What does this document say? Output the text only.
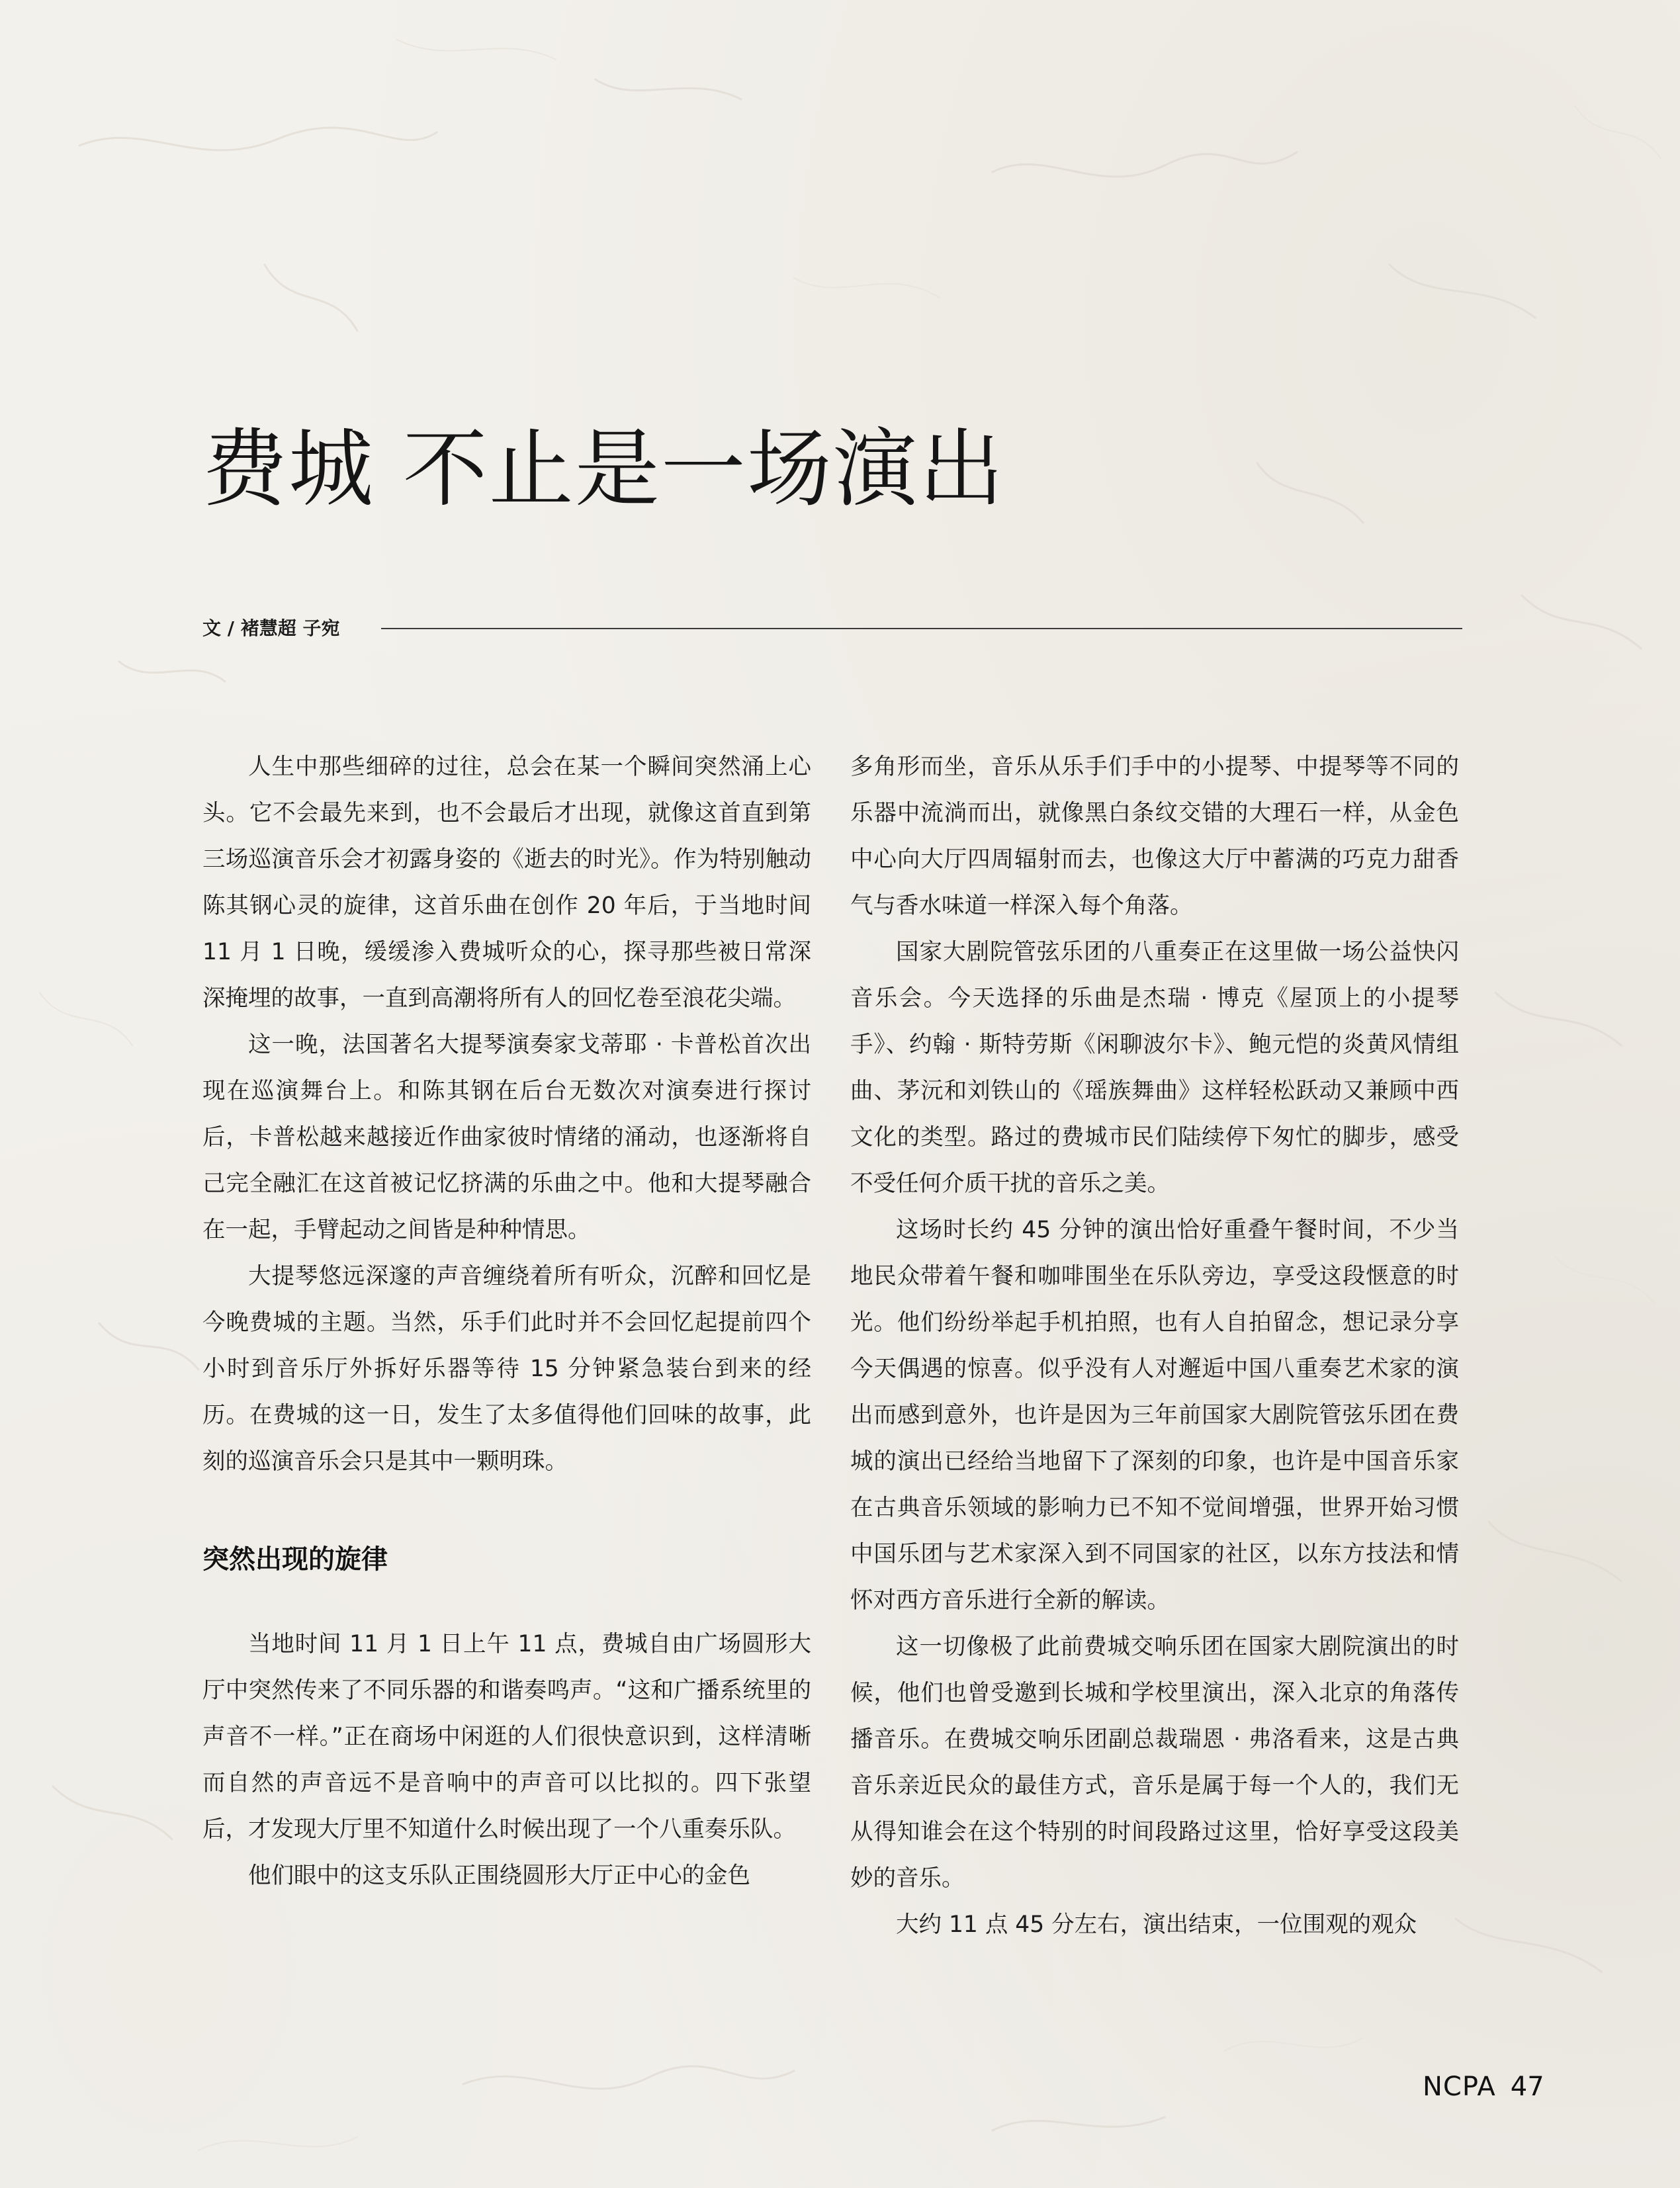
费城 不止是一场演出
文 / 褚慧超 子宛

人生中那些细碎的过往，总会在某一个瞬间突然涌上心头。它不会最先来到，也不会最后才出现，就像这首直到第三场巡演音乐会才初露身姿的《逝去的时光》。作为特别触动陈其钢心灵的旋律，这首乐曲在创作 20 年后，于当地时间 11 月 1 日晚，缓缓渗入费城听众的心，探寻那些被日常深深掩埋的故事，一直到高潮将所有人的回忆卷至浪花尖端。

这一晚，法国著名大提琴演奏家戈蒂耶 · 卡普松首次出现在巡演舞台上。和陈其钢在后台无数次对演奏进行探讨后，卡普松越来越接近作曲家彼时情绪的涌动，也逐渐将自己完全融汇在这首被记忆挤满的乐曲之中。他和大提琴融合在一起，手臂起动之间皆是种种情思。

大提琴悠远深邃的声音缠绕着所有听众，沉醉和回忆是今晚费城的主题。当然，乐手们此时并不会回忆起提前四个小时到音乐厅外拆好乐器等待 15 分钟紧急装台到来的经历。在费城的这一日，发生了太多值得他们回味的故事，此刻的巡演音乐会只是其中一颗明珠。

突然出现的旋律

当地时间 11 月 1 日上午 11 点，费城自由广场圆形大厅中突然传来了不同乐器的和谐奏鸣声。“这和广播系统里的声音不一样。”正在商场中闲逛的人们很快意识到，这样清晰而自然的声音远不是音响中的声音可以比拟的。四下张望后，才发现大厅里不知道什么时候出现了一个八重奏乐队。

他们眼中的这支乐队正围绕圆形大厅正中心的金色

多角形而坐，音乐从乐手们手中的小提琴、中提琴等不同的乐器中流淌而出，就像黑白条纹交错的大理石一样，从金色中心向大厅四周辐射而去，也像这大厅中蓄满的巧克力甜香气与香水味道一样深入每个角落。

国家大剧院管弦乐团的八重奏正在这里做一场公益快闪音乐会。今天选择的乐曲是杰瑞 · 博克《屋顶上的小提琴手》、约翰 · 斯特劳斯《闲聊波尔卡》、鲍元恺的炎黄风情组曲、茅沅和刘铁山的《瑶族舞曲》这样轻松跃动又兼顾中西文化的类型。路过的费城市民们陆续停下匆忙的脚步，感受不受任何介质干扰的音乐之美。

这场时长约 45 分钟的演出恰好重叠午餐时间，不少当地民众带着午餐和咖啡围坐在乐队旁边，享受这段惬意的时光。他们纷纷举起手机拍照，也有人自拍留念，想记录分享今天偶遇的惊喜。似乎没有人对邂逅中国八重奏艺术家的演出而感到意外，也许是因为三年前国家大剧院管弦乐团在费城的演出已经给当地留下了深刻的印象，也许是中国音乐家在古典音乐领域的影响力已不知不觉间增强，世界开始习惯中国乐团与艺术家深入到不同国家的社区，以东方技法和情怀对西方音乐进行全新的解读。

这一切像极了此前费城交响乐团在国家大剧院演出的时候，他们也曾受邀到长城和学校里演出，深入北京的角落传播音乐。在费城交响乐团副总裁瑞恩 · 弗洛看来，这是古典音乐亲近民众的最佳方式，音乐是属于每一个人的，我们无从得知谁会在这个特别的时间段路过这里，恰好享受这段美妙的音乐。

大约 11 点 45 分左右，演出结束，一位围观的观众

NCPA 47
